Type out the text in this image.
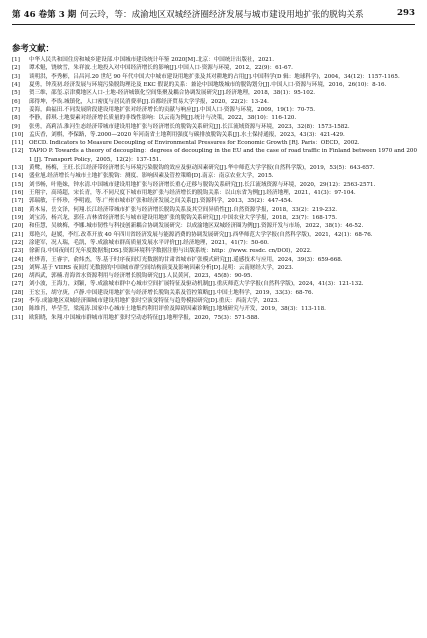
第 46 卷第 3 期 何云玲，等：成渝地区双城经济圈经济发展与城市建设用地扩张的脱钩关系	293
参考文献：
[1]	中华人民共和国住房和城乡建设部.中国城市建设统计年鉴 2020[M].北京：中国统计出版社，2021.
[2]	谭术魁，饶映雪，朱祥波.土地投入对中国经济增长的影响[J].中国人口·资源与环境，2012，22(9)：61-67.
[3]	谈明洪，李秀彬，吕昌河.20 世纪 90 年代中国大中城市建设用地扩张及其对耕地的占用[J].中国科学(D 辑：地球科学)，2004，34(12)：1157-1165.
[4]	夏勇，钟茂初.经济发展与环境污染脱钩理论及 EKC 假说的关系：兼论中国地级城市的脱钩划分[J].中国人口·资源与环境，2016，26(10)：8-16.
[5]	贺三维，邵玺.京津冀地区人口-土地-经济城镇化空间集聚及耦合协调发展研究[J].经济地理，2018，38(1)：95-102.
[6]	邱得坤，李诶.城镇化，人口密度与居民消费率[J].首都经济贸易大学学报，2020，22(2)：13-24.
[7]	姜海，曲福田.不同发展阶段建设用地扩张对经济增长的贡献与响应[J].中国人口·资源与环境，2009，19(1)：70-75.
[8]	李静，薛琪.土地要素对经济增长质量的非线性影响：以云南为例[J].统计与决策，2022，38(10)：116-120.
[9]	张勇，高莉洁.淮河生态经济带城市建设用地扩张与经济增长的脱钩关系研究[J].长江流域资源与环境，2023，32(8)：1573-1582.
[10]	孟庆香，刘棋，李保路，等.2000—2020 年河南省土地利用强度与碳排放脱钩关系[J].水土保持通报，2023，43(3)：421-429.
[11]	OECD. Indicators to Measure Decoupling of Environmental Pressures for Economic Growth [R]. Paris：OECD，2002.
[12]	TAPIO P. Towards a theory of decoupling：degrees of decoupling in the EU and the case of road traffic in Finland between 1970 and 2001 [J]. Transport Policy，2005，12(2)：137-151.
[13]	黄鹭，杨梅，王旺.长江经济带经济增长与环境污染脱钩的效应及驱动因素研究[J].华中师范大学学报(自然科学版)，2019，53(5)：643-657.
[14]	盛业旭.经济增长与城市土地扩张脱钩：测度、影响因素及管控策略[D].南京：南京农业大学，2015.
[15]	刘书畅，叶艳妹，钟水清.中国城市建设用地扩张与经济增长重心迁移与脱钩关系研究[J].长江流域资源与环境，2020，29(12)：2563-2571.
[16]	王翔宇，高琦超，宋长青，等.不同尺度下城市用地扩张与经济增长的脱钩关系：以山东省为例[J].经济地理，2021，41(3)：97-104.
[17]	郭瑞敏，千怀珍，李明霞，等.广州市城市扩张和经济发展之间关系[J].资源科学，2013，35(2)：447-454.
[18]	黄木易，岳文泽，何翔.长江经济带城市扩张与经济增长脱钩关系及其空间异质性[J].自然资源学报，2018，33(2)：219-232.
[19]	刘宝涛，杨兴龙，郭佳.吉林省经济增长与城市建设用地扩张的脱钩关系研究[J].中国农业大学学报，2018，23(7)：168-175.
[20]	和佳慧，吴映梅，李娜.城市韧性与科技创新耦合协调发展研究：以成渝地区双城经济圈为例[J].资源开发与市场，2022，38(1)：46-52.
[21]	郑艳兴，赵媛，李红.改革开放 40 年四川省经济发展与能源消费的协调发展研究[J].西华师范大学学报(自然科学版)，2021，42(1)：68-76.
[22]	涂建军，况人瑞，毛凯，等.成渝城市群高质量发展水平评价[J].经济地理，2021，41(7)：50-60.
[23]	徐新良.中国夜间灯光年度数据集[DS].资源环境科学数据注册与出版系统：http：//www. resdc. cn/DOI)，2022.
[24]	杜烨菁，王睿宇，俞炜杰，等.基于时序夜间灯光数据的甘肃省城市扩张模式研究[J].遥感技术与应用，2024，39(3)：659-668.
[25]	刘辉.基于 VIIRS 夜间灯光数据的中国城市群空间结构演变及影响因素分析[D].昆明：云南财经大学，2023.
[26]	胡西武，郭楠.青海省水资源利用与经济增长脱钩研究[J].人民黄河，2023，45(8)：90-95.
[27]	刘小波，王海力，刘颖，等.成渝城市群中心城市空间扩展特征及驱动机制[J].重庆师范大学学报(自然科学版)，2024，41(3)：121-132.
[28]	王宏玉，胡守庚，卢静.中国建设用地扩张与经济增长脱钩关系及管控策略[J].中国土地科学，2019，33(3)：68-76.
[29]	李寿.成渝地区双城经济圈城市建设用地扩张时空演变特征与趋势模拟研究[D].重庆：西南大学，2023.
[30]	陈维肖，毕莹莹，梁流涛.国家中心城市土地集约利用评价及障碍因素诊断[J].地域研究与开发，2019，38(3)：113-118.
[31]	欧阳晓，朱翔.中国城市群城市用地扩张时空动态特征[J].地理学报，2020，75(3)：571-588.
